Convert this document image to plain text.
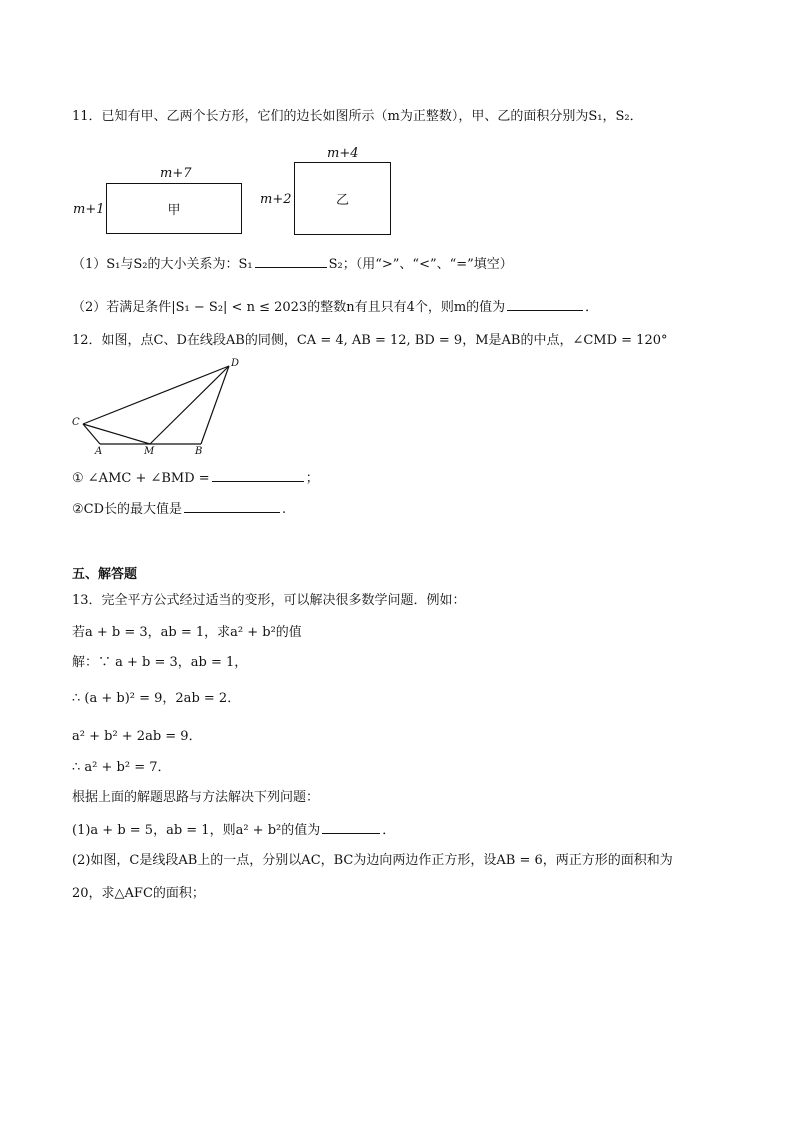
11．已知有甲、乙两个长方形，它们的边长如图所示（m为正整数），甲、乙的面积分别为S₁，S₂．
m+7
m+1	甲
m+4
m+2	乙
（1）S₁与S₂的大小关系为：S₁	S₂；（用“>”、“<”、“=”填空）
（2）若满足条件|S₁ − S₂| < n ≤ 2023的整数n有且只有4个，则m的值为	．
12．如图，点C、D在线段AB的同侧，CA = 4, AB = 12, BD = 9，M是AB的中点，∠CMD = 120°
C
A	M	B
D
① ∠AMC + ∠BMD =	；
②CD长的最大值是	.
五、解答题
13．完全平方公式经过适当的变形，可以解决很多数学问题．例如：
若a + b = 3，ab = 1，求a² + b²的值
解：∵ a + b = 3，ab = 1，
∴ (a + b)² = 9，2ab = 2．
a² + b² + 2ab = 9．
∴ a² + b² = 7．
根据上面的解题思路与方法解决下列问题：
(1)a + b = 5，ab = 1，则a² + b²的值为	．
(2)如图，C是线段AB上的一点，分别以AC，BC为边向两边作正方形，设AB = 6，两正方形的面积和为
20，求△AFC的面积；
